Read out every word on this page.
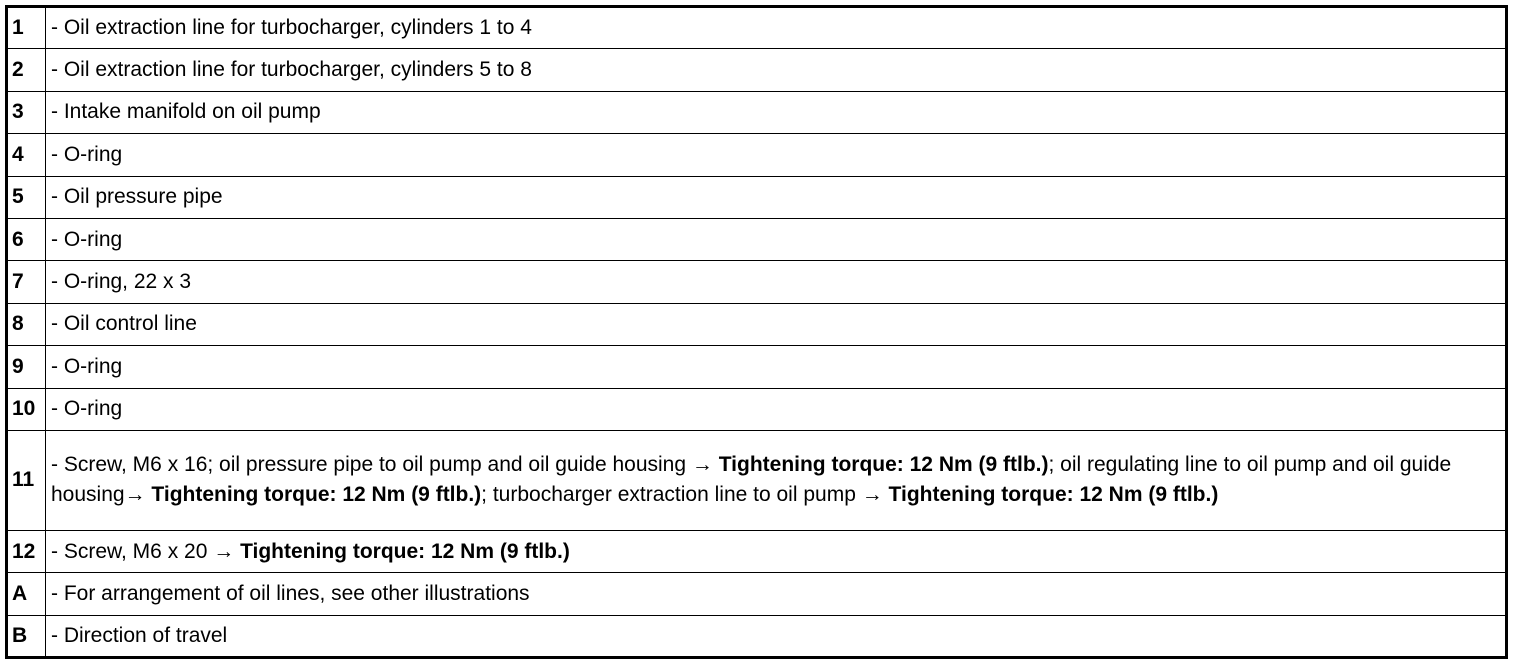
1	- Oil extraction line for turbocharger, cylinders 1 to 4
2	- Oil extraction line for turbocharger, cylinders 5 to 8
3	- Intake manifold on oil pump
4	- O-ring
5	- Oil pressure pipe
6	- O-ring
7	- O-ring, 22 x 3
8	- Oil control line
9	- O-ring
10	- O-ring
11	- Screw, M6 x 16; oil pressure pipe to oil pump and oil guide housing → Tightening torque: 12 Nm (9 ftlb.); oil regulating line to oil pump and oil guide housing→ Tightening torque: 12 Nm (9 ftlb.); turbocharger extraction line to oil pump → Tightening torque: 12 Nm (9 ftlb.)
12	- Screw, M6 x 20 → Tightening torque: 12 Nm (9 ftlb.)
A	- For arrangement of oil lines, see other illustrations
B	- Direction of travel
